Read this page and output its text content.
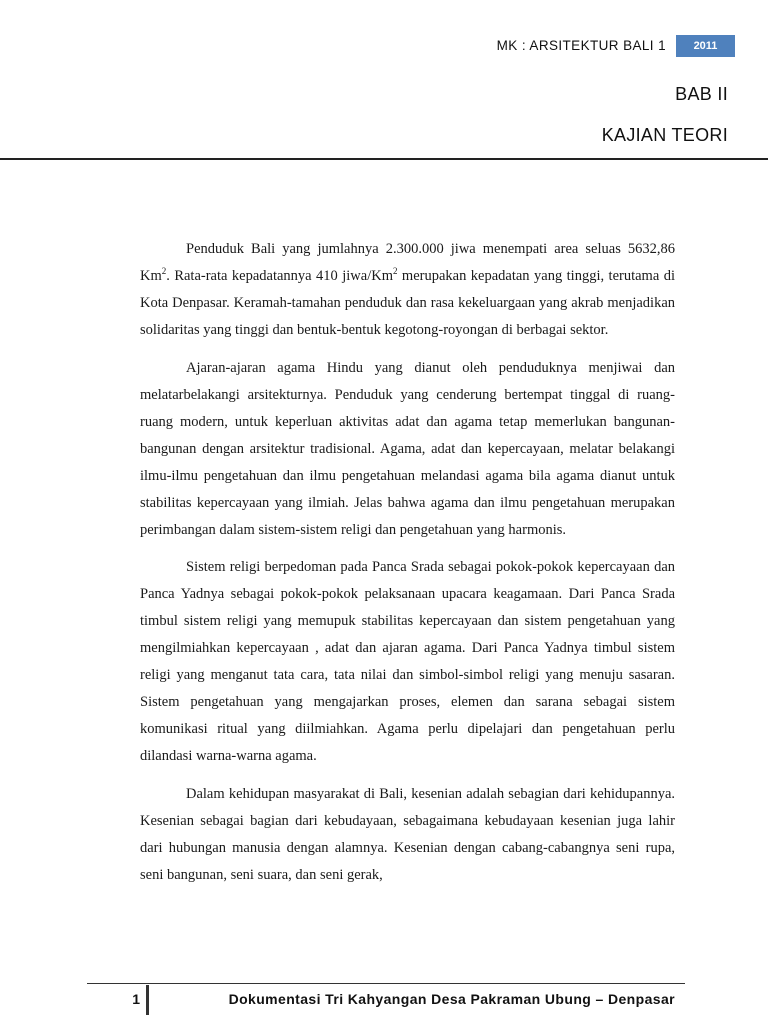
MK : ARSITEKTUR BALI 1	2011
BAB II
KAJIAN TEORI

Penduduk Bali yang jumlahnya 2.300.000 jiwa menempati area seluas 5632,86 Km$^2$. Rata-rata kepadatannya 410 jiwa/Km$^2$ merupakan kepadatan yang tinggi, terutama di Kota Denpasar. Keramah-tamahan penduduk dan rasa kekeluargaan yang akrab menjadikan solidaritas yang tinggi dan bentuk-bentuk kegotong-royongan di berbagai sektor.

Ajaran-ajaran agama Hindu yang dianut oleh penduduknya menjiwai dan melatarbelakangi arsitekturnya. Penduduk yang cenderung bertempat tinggal di ruang-ruang modern, untuk keperluan aktivitas adat dan agama tetap memerlukan bangunan-bangunan dengan arsitektur tradisional. Agama, adat dan kepercayaan, melatar belakangi ilmu-ilmu pengetahuan dan ilmu pengetahuan melandasi agama bila agama dianut untuk stabilitas kepercayaan yang ilmiah. Jelas bahwa agama dan ilmu pengetahuan merupakan perimbangan dalam sistem-sistem religi dan pengetahuan yang harmonis.

Sistem religi berpedoman pada Panca Srada sebagai pokok-pokok kepercayaan dan Panca Yadnya sebagai pokok-pokok pelaksanaan upacara keagamaan. Dari Panca Srada timbul sistem religi yang memupuk stabilitas kepercayaan dan sistem pengetahuan yang mengilmiahkan kepercayaan , adat dan ajaran agama. Dari Panca Yadnya timbul sistem religi yang menganut tata cara, tata nilai dan simbol-simbol religi yang menuju sasaran. Sistem pengetahuan yang mengajarkan proses, elemen dan sarana sebagai sistem komunikasi ritual yang diilmiahkan. Agama perlu dipelajari dan pengetahuan perlu dilandasi warna-warna agama.

Dalam kehidupan masyarakat di Bali, kesenian adalah sebagian dari kehidupannya. Kesenian sebagai bagian dari kebudayaan, sebagaimana kebudayaan kesenian juga lahir dari hubungan manusia dengan alamnya. Kesenian dengan cabang-cabangnya seni rupa, seni bangunan, seni suara, dan seni gerak,

1	Dokumentasi Tri Kahyangan Desa Pakraman Ubung – Denpasar
